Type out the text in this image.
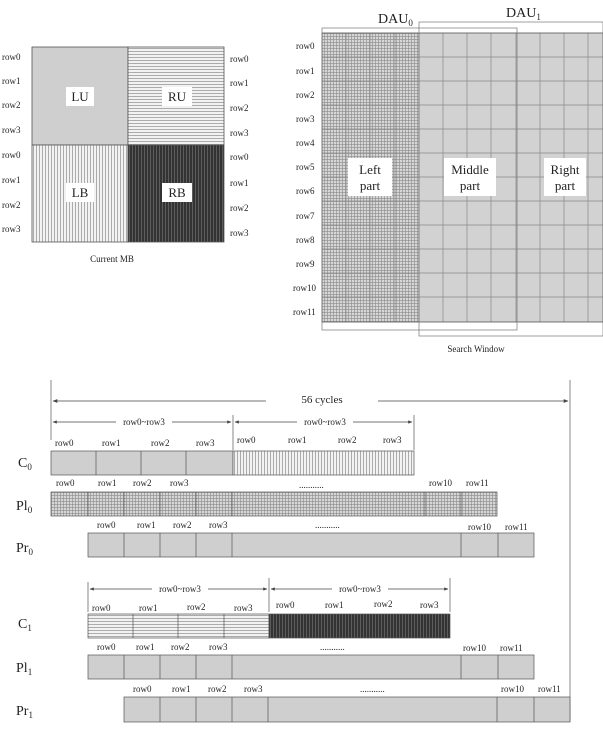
LU	RU
LB	RB
row0
row1
row2
row3
row0
row1
row2
row3
row0
row1
row2
row3
row0
row1
row2
row3
Current MB
$DAU_0$
$DAU_1$
Left part
Middle part
Right part
row0
row1
row2
row3
row4
row5
row6
row7
row8
row9
row10
row11
Search Window
56 cycles
row0~row3	row0~row3
$C_0$
row0	row1	row2	row3	row0	row1	row2	row3
$Pl_0$
row0	row1 row2 row3	...........	row10 row11
$Pr_0$
row0 row1 row2 row3	...........	row10 row11
row0~row3	row0~row3
$C_1$
row0	row1	row2	row3	row0	row1	row2	row3
$Pl_1$
row0 row1 row2 row3	...........	row10 row11
$Pr_1$
row0 row1 row2 row3	...........	row10 row11
